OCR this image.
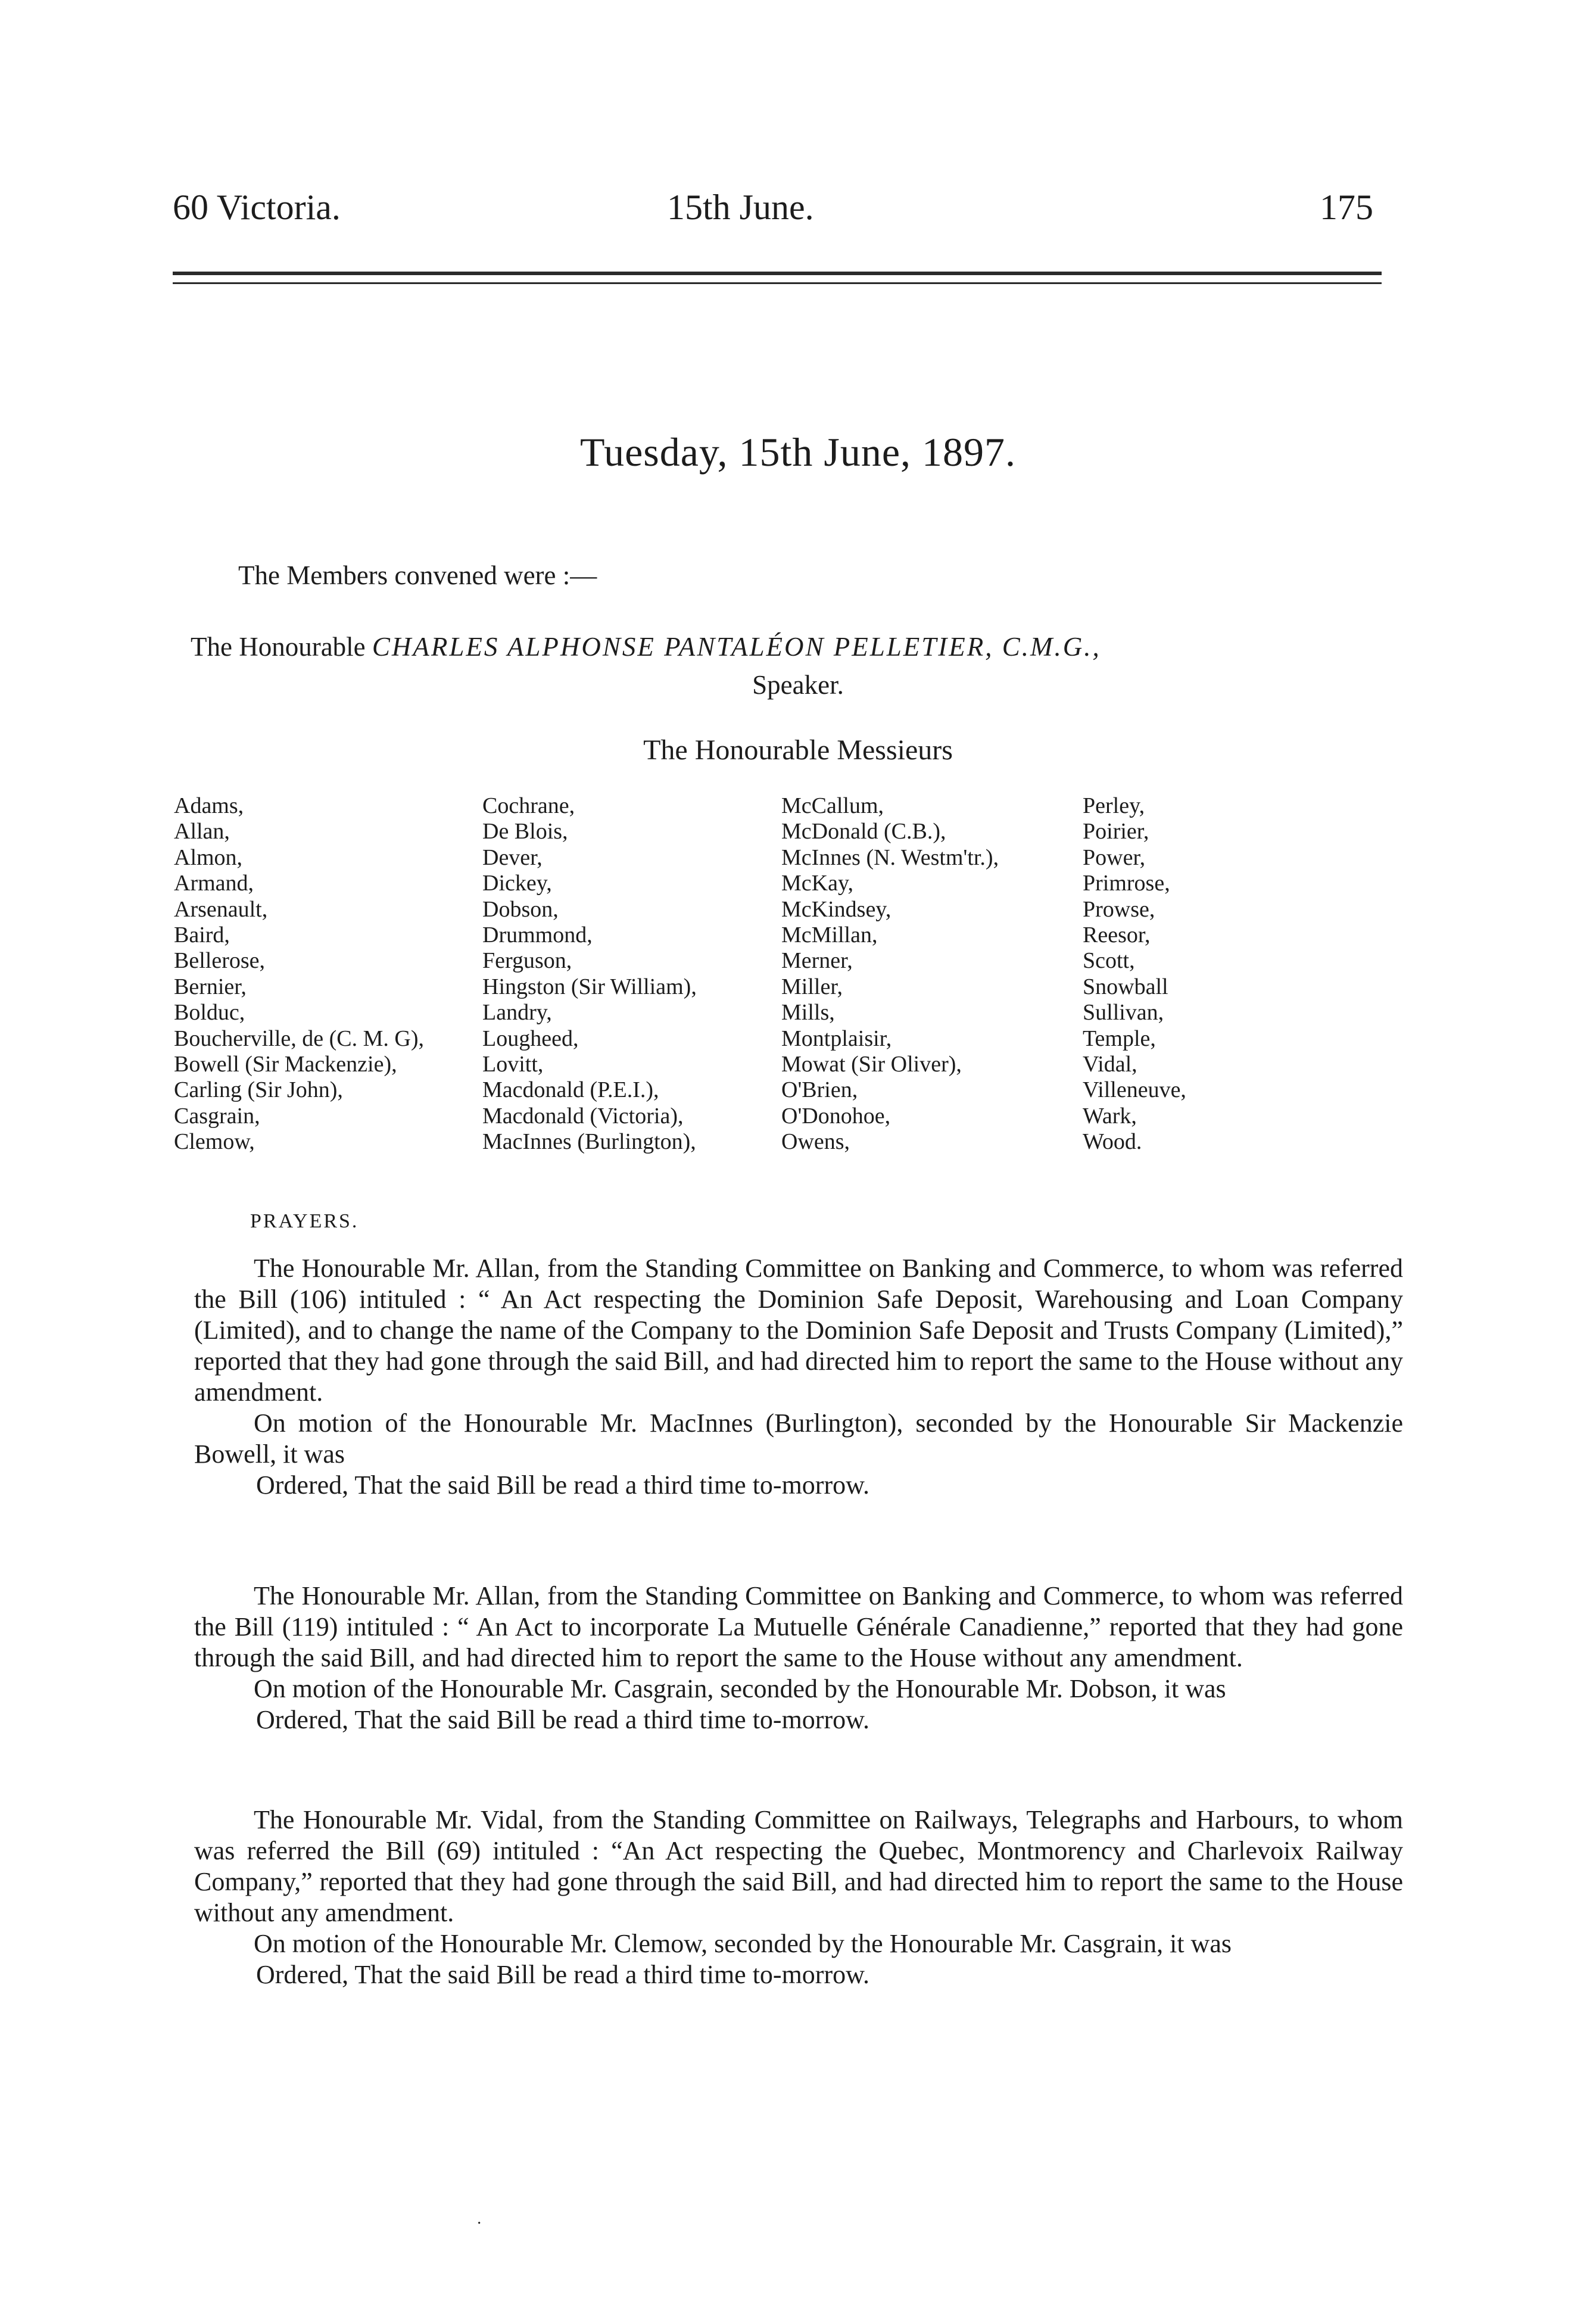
60 Victoria.	15th June.	175
Tuesday, 15th June, 1897.
The Members convened were :—
The Honourable CHARLES ALPHONSE PANTALÉON PELLETIER, C.M.G.,
Speaker.
The Honourable Messieurs
Adams,
Allan,
Almon,
Armand,
Arsenault,
Baird,
Bellerose,
Bernier,
Bolduc,
Boucherville, de (C. M. G),
Bowell (Sir Mackenzie),
Carling (Sir John),
Casgrain,
Clemow,
Cochrane,
De Blois,
Dever,
Dickey,
Dobson,
Drummond,
Ferguson,
Hingston (Sir William),
Landry,
Lougheed,
Lovitt,
Macdonald (P.E.I.),
Macdonald (Victoria),
MacInnes (Burlington),
McCallum,
McDonald (C.B.),
McInnes (N. Westm'tr.),
McKay,
McKindsey,
McMillan,
Merner,
Miller,
Mills,
Montplaisir,
Mowat (Sir Oliver),
O'Brien,
O'Donohoe,
Owens,
Perley,
Poirier,
Power,
Primrose,
Prowse,
Reesor,
Scott,
Snowball
Sullivan,
Temple,
Vidal,
Villeneuve,
Wark,
Wood.
PRAYERS.

The Honourable Mr. Allan, from the Standing Committee on Banking and Commerce, to whom was referred the Bill (106) intituled : “ An Act respecting the Dominion Safe Deposit, Warehousing and Loan Company (Limited), and to change the name of the Company to the Dominion Safe Deposit and Trusts Company (Limited),” reported that they had gone through the said Bill, and had directed him to report the same to the House without any amendment.

On motion of the Honourable Mr. MacInnes (Burlington), seconded by the Honourable Sir Mackenzie Bowell, it was

Ordered, That the said Bill be read a third time to-morrow.

The Honourable Mr. Allan, from the Standing Committee on Banking and Commerce, to whom was referred the Bill (119) intituled : “ An Act to incorporate La Mutuelle Générale Canadienne,” reported that they had gone through the said Bill, and had directed him to report the same to the House without any amendment.

On motion of the Honourable Mr. Casgrain, seconded by the Honourable Mr. Dobson, it was

Ordered, That the said Bill be read a third time to-morrow.

The Honourable Mr. Vidal, from the Standing Committee on Railways, Telegraphs and Harbours, to whom was referred the Bill (69) intituled : “An Act respecting the Quebec, Montmorency and Charlevoix Railway Company,” reported that they had gone through the said Bill, and had directed him to report the same to the House without any amendment.

On motion of the Honourable Mr. Clemow, seconded by the Honourable Mr. Casgrain, it was

Ordered, That the said Bill be read a third time to-morrow.

·
